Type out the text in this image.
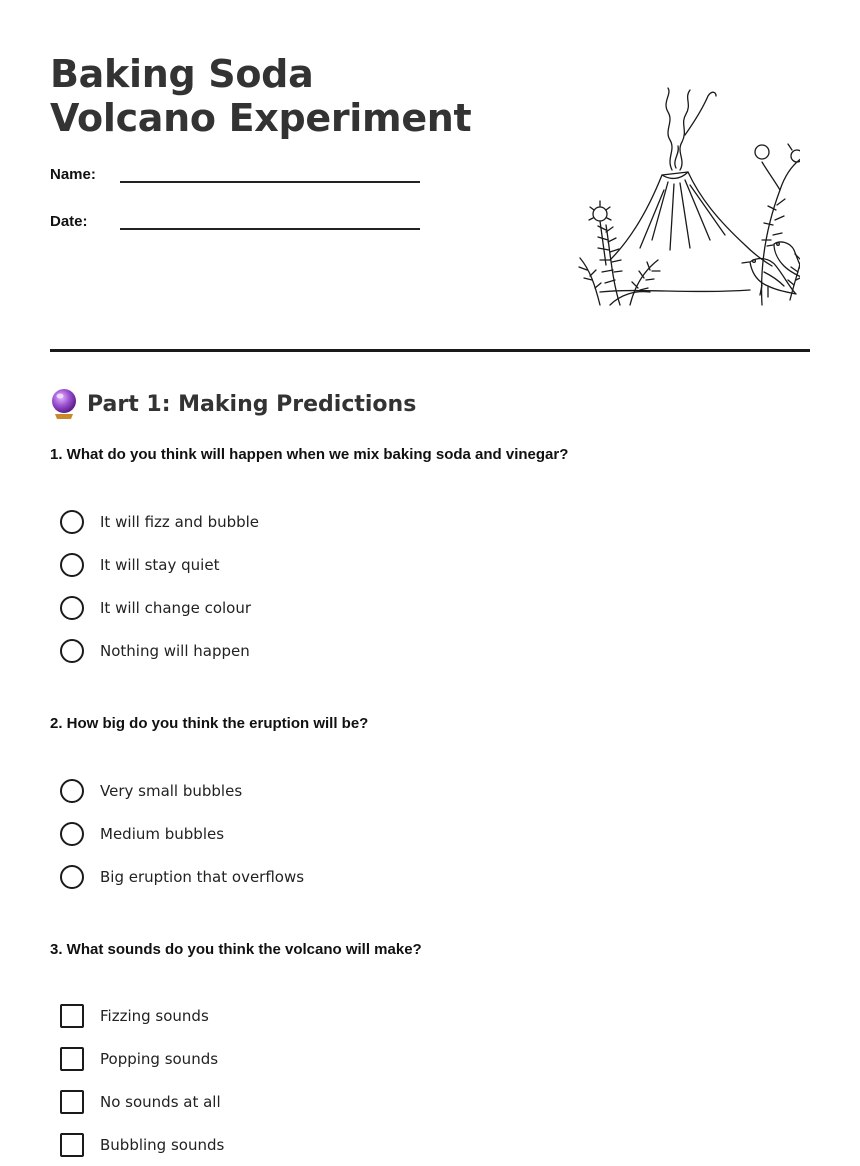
Baking Soda Volcano Experiment
Name:
Date:
Part 1: Making Predictions

1. What do you think will happen when we mix baking soda and vinegar?

It will fizz and bubble
It will stay quiet
It will change colour
Nothing will happen

2. How big do you think the eruption will be?

Very small bubbles
Medium bubbles
Big eruption that overflows

3. What sounds do you think the volcano will make?

Fizzing sounds
Popping sounds
No sounds at all
Bubbling sounds
